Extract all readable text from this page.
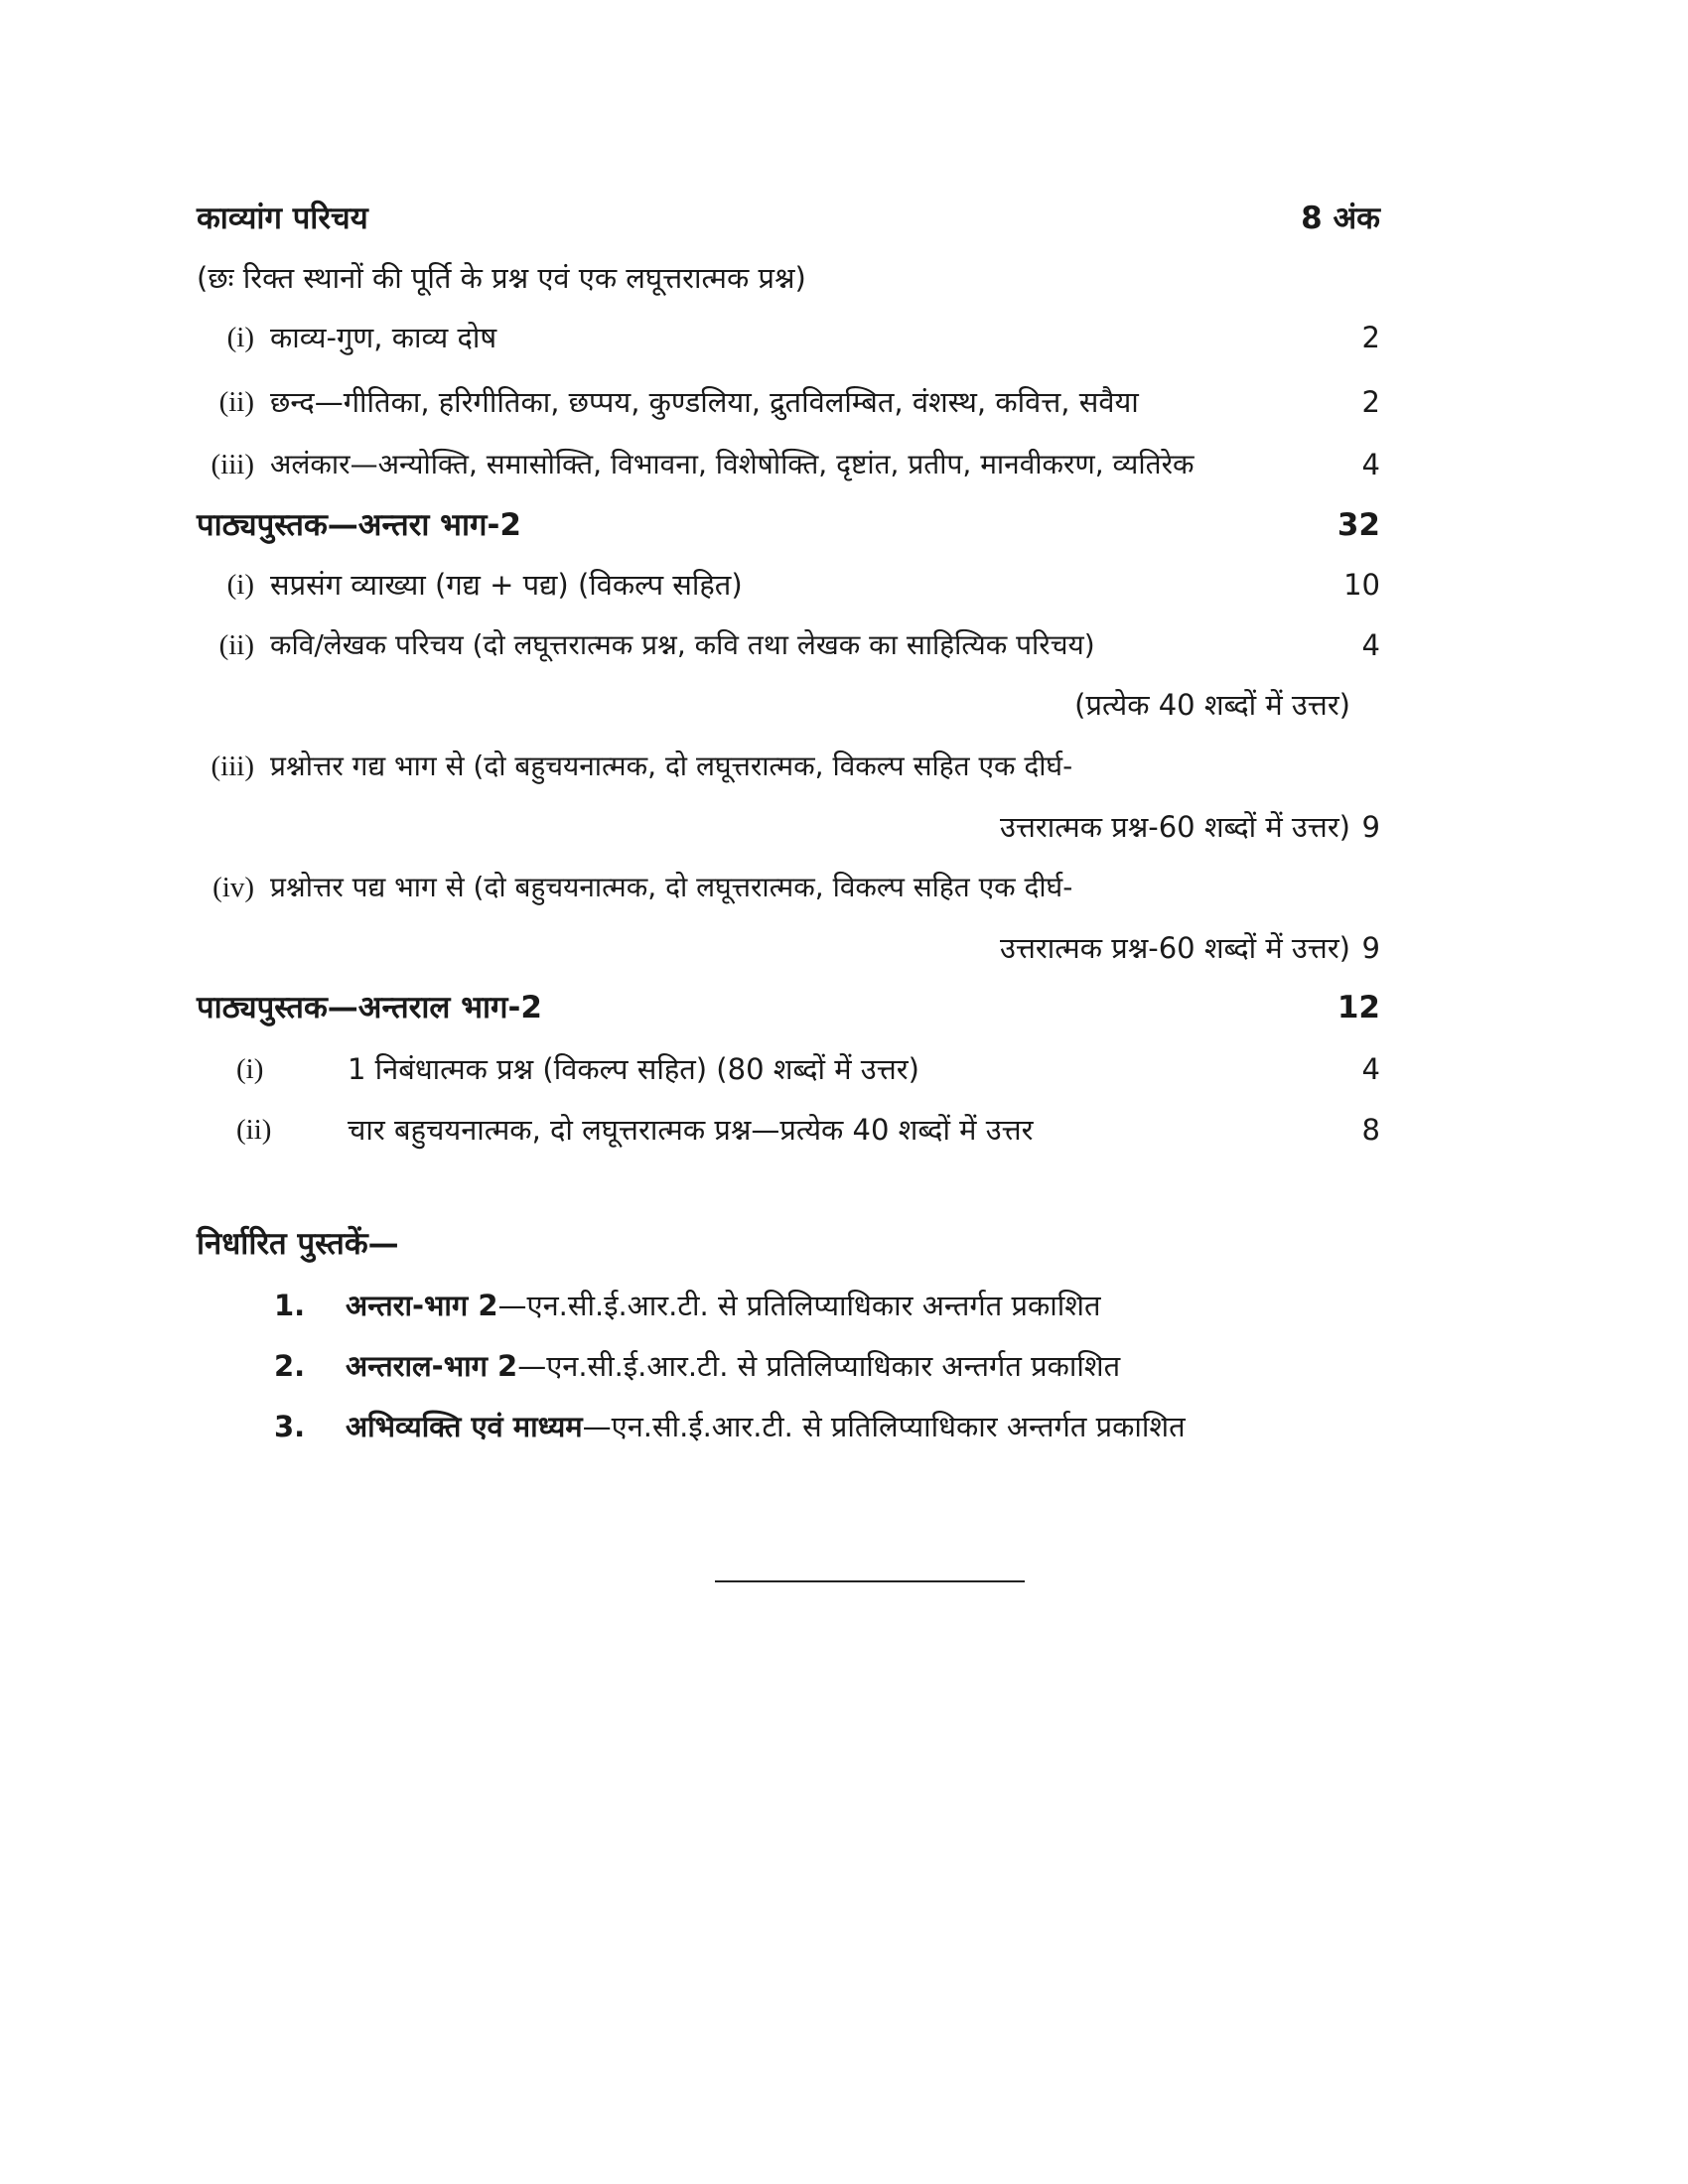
काव्यांग परिचय	8 अंक
(छः रिक्त स्थानों की पूर्ति के प्रश्न एवं एक लघूत्तरात्मक प्रश्न)
(i) काव्य-गुण, काव्य दोष	2
(ii) छन्द—गीतिका, हरिगीतिका, छप्पय, कुण्डलिया, द्रुतविलम्बित, वंशस्थ, कवित्त, सवैया	2
(iii) अलंकार—अन्योक्ति, समासोक्ति, विभावना, विशेषोक्ति, दृष्टांत, प्रतीप, मानवीकरण, व्यतिरेक	4
पाठ्यपुस्तक—अन्तरा भाग-2	32
(i) सप्रसंग व्याख्या (गद्य + पद्य) (विकल्प सहित)	10
(ii) कवि/लेखक परिचय (दो लघूत्तरात्मक प्रश्न, कवि तथा लेखक का साहित्यिक परिचय)	4
(प्रत्येक 40 शब्दों में उत्तर)
(iii) प्रश्नोत्तर गद्य भाग से (दो बहुचयनात्मक, दो लघूत्तरात्मक, विकल्प सहित एक दीर्घ-
उत्तरात्मक प्रश्न-60 शब्दों में उत्तर) 9
(iv) प्रश्नोत्तर पद्य भाग से (दो बहुचयनात्मक, दो लघूत्तरात्मक, विकल्प सहित एक दीर्घ-
उत्तरात्मक प्रश्न-60 शब्दों में उत्तर) 9
पाठ्यपुस्तक—अन्तराल भाग-2	12
(i)	1 निबंधात्मक प्रश्न (विकल्प सहित) (80 शब्दों में उत्तर)	4
(ii)	चार बहुचयनात्मक, दो लघूत्तरात्मक प्रश्न—प्रत्येक 40 शब्दों में उत्तर	8
निर्धारित पुस्तकें—
1. अन्तरा-भाग 2—एन.सी.ई.आर.टी. से प्रतिलिप्याधिकार अन्तर्गत प्रकाशित
2. अन्तराल-भाग 2—एन.सी.ई.आर.टी. से प्रतिलिप्याधिकार अन्तर्गत प्रकाशित
3. अभिव्यक्ति एवं माध्यम—एन.सी.ई.आर.टी. से प्रतिलिप्याधिकार अन्तर्गत प्रकाशित
